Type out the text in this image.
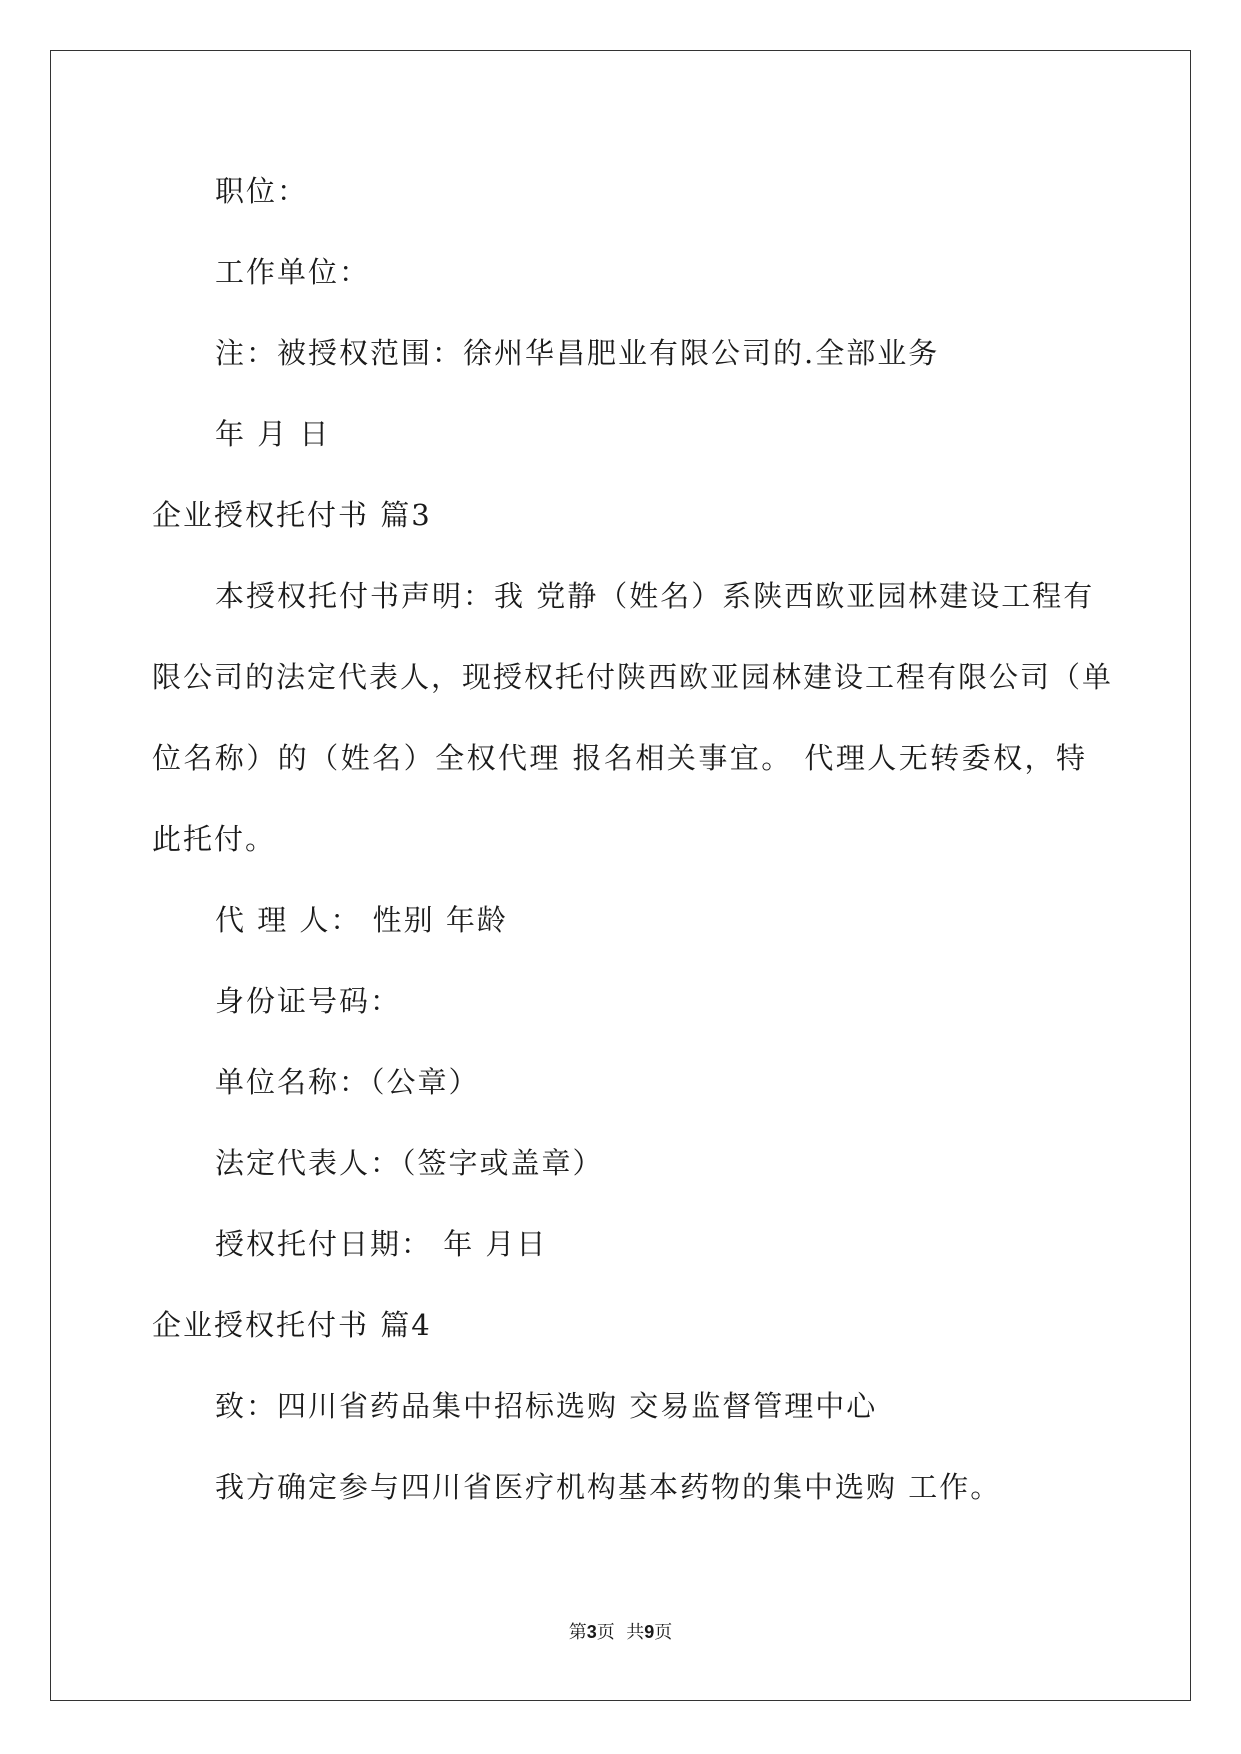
职位：
工作单位：
注：被授权范围：徐州华昌肥业有限公司的.全部业务
年 月 日
企业授权托付书 篇3
本授权托付书声明：我 党静（姓名）系陕西欧亚园林建设工程有
限公司的法定代表人，现授权托付陕西欧亚园林建设工程有限公司（单
位名称）的（姓名）全权代理 报名相关事宜。 代理人无转委权，特
此托付。
代 理 人： 性别 年龄
身份证号码：
单位名称：（公章）
法定代表人：（签字或盖章）
授权托付日期： 年 月日
企业授权托付书 篇4
致：四川省药品集中招标选购 交易监督管理中心
我方确定参与四川省医疗机构基本药物的集中选购 工作。
第3页  共9页
